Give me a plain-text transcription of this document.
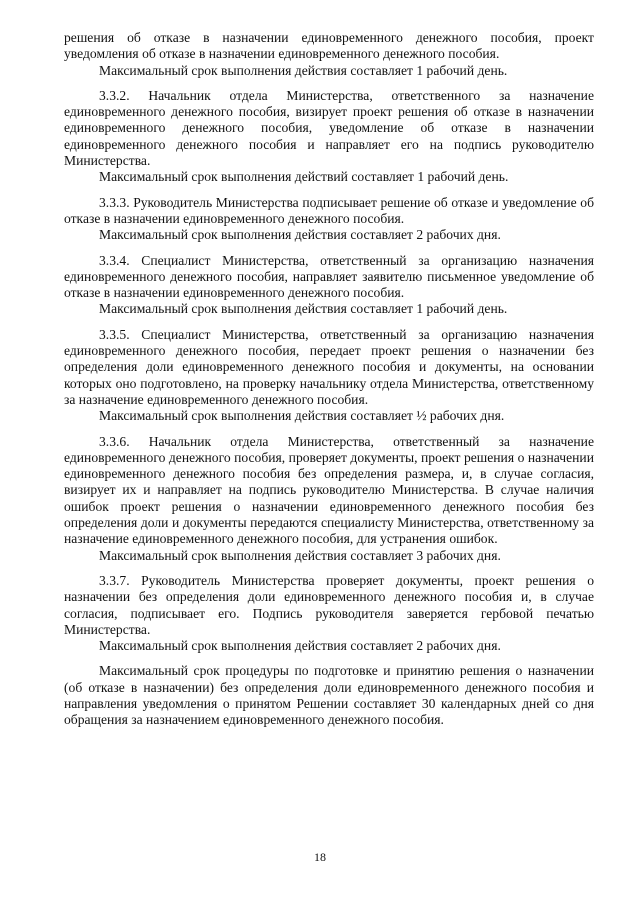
решения об отказе в назначении единовременного денежного пособия, проект уведомления об отказе в назначении единовременного денежного пособия.

Максимальный срок выполнения действия составляет 1 рабочий день.

3.3.2. Начальник отдела Министерства, ответственного за назначение единовременного денежного пособия, визирует проект решения об отказе в назначении единовременного денежного пособия, уведомление об отказе в назначении единовременного денежного пособия и направляет его на подпись руководителю Министерства.

Максимальный срок выполнения действий составляет 1 рабочий день.

3.3.3. Руководитель Министерства подписывает решение об отказе и уведомление об отказе в назначении единовременного денежного пособия.

Максимальный срок выполнения действия составляет 2 рабочих дня.

3.3.4. Специалист Министерства, ответственный за организацию назначения единовременного денежного пособия, направляет заявителю письменное уведомление об отказе в назначении единовременного денежного пособия.

Максимальный срок выполнения действия составляет 1 рабочий день.

3.3.5. Специалист Министерства, ответственный за организацию назначения единовременного денежного пособия, передает проект решения о назначении без определения доли единовременного денежного пособия и документы, на основании которых оно подготовлено, на проверку начальнику отдела Министерства, ответственному за назначение единовременного денежного пособия.

Максимальный срок выполнения действия составляет ½ рабочих дня.

3.3.6. Начальник отдела Министерства, ответственный за назначение единовременного денежного пособия, проверяет документы, проект решения о назначении единовременного денежного пособия без определения размера, и, в случае согласия, визирует их и направляет на подпись руководителю Министерства. В случае наличия ошибок проект решения о назначении единовременного денежного пособия без определения доли и документы передаются специалисту Министерства, ответственному за назначение единовременного денежного пособия, для устранения ошибок.

Максимальный срок выполнения действия составляет 3 рабочих дня.

3.3.7. Руководитель Министерства проверяет документы, проект решения о назначении без определения доли единовременного денежного пособия и, в случае согласия, подписывает его. Подпись руководителя заверяется гербовой печатью Министерства.

Максимальный срок выполнения действия составляет 2 рабочих дня.

Максимальный срок процедуры по подготовке и принятию решения о назначении (об отказе в назначении) без определения доли единовременного денежного пособия и направления уведомления о принятом Решении составляет 30 календарных дней со дня обращения за назначением единовременного денежного пособия.

18
